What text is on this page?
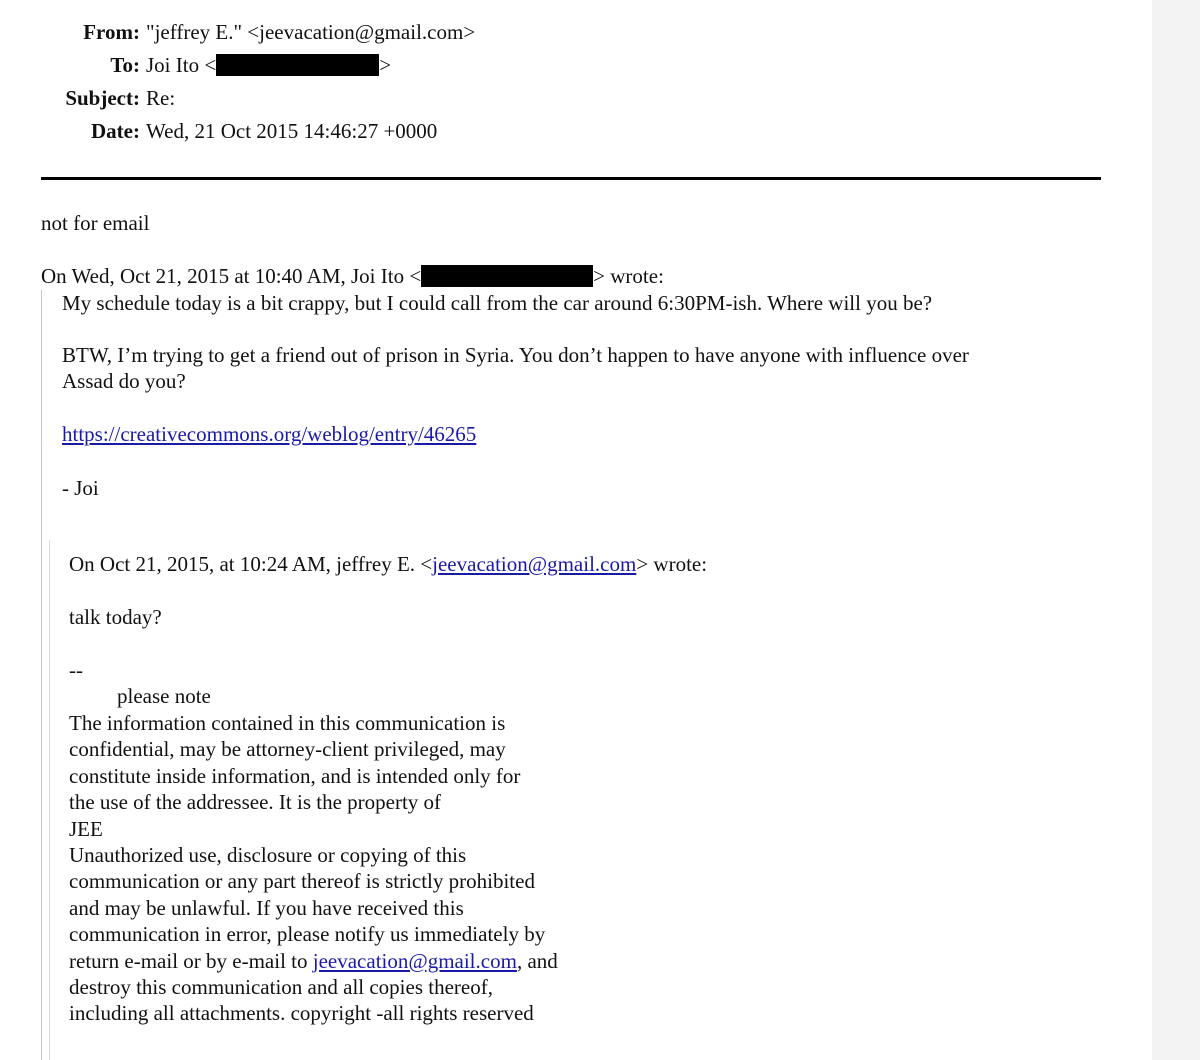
From: "jeffrey E." <jeevacation@gmail.com>
To: Joi Ito <	>
Subject: Re:
Date: Wed, 21 Oct 2015 14:46:27 +0000
not for email
On Wed, Oct 21, 2015 at 10:40 AM, Joi Ito <	> wrote:
My schedule today is a bit crappy, but I could call from the car around 6:30PM-ish. Where will you be?
BTW, I’m trying to get a friend out of prison in Syria. You don’t happen to have anyone with influence over
Assad do you?
https://creativecommons.org/weblog/entry/46265
- Joi
On Oct 21, 2015, at 10:24 AM, jeffrey E. <jeevacation@gmail.com> wrote:
talk today?
--
please note
The information contained in this communication is
confidential, may be attorney-client privileged, may
constitute inside information, and is intended only for
the use of the addressee. It is the property of
JEE
Unauthorized use, disclosure or copying of this
communication or any part thereof is strictly prohibited
and may be unlawful. If you have received this
communication in error, please notify us immediately by
return e-mail or by e-mail to jeevacation@gmail.com, and
destroy this communication and all copies thereof,
including all attachments. copyright -all rights reserved
